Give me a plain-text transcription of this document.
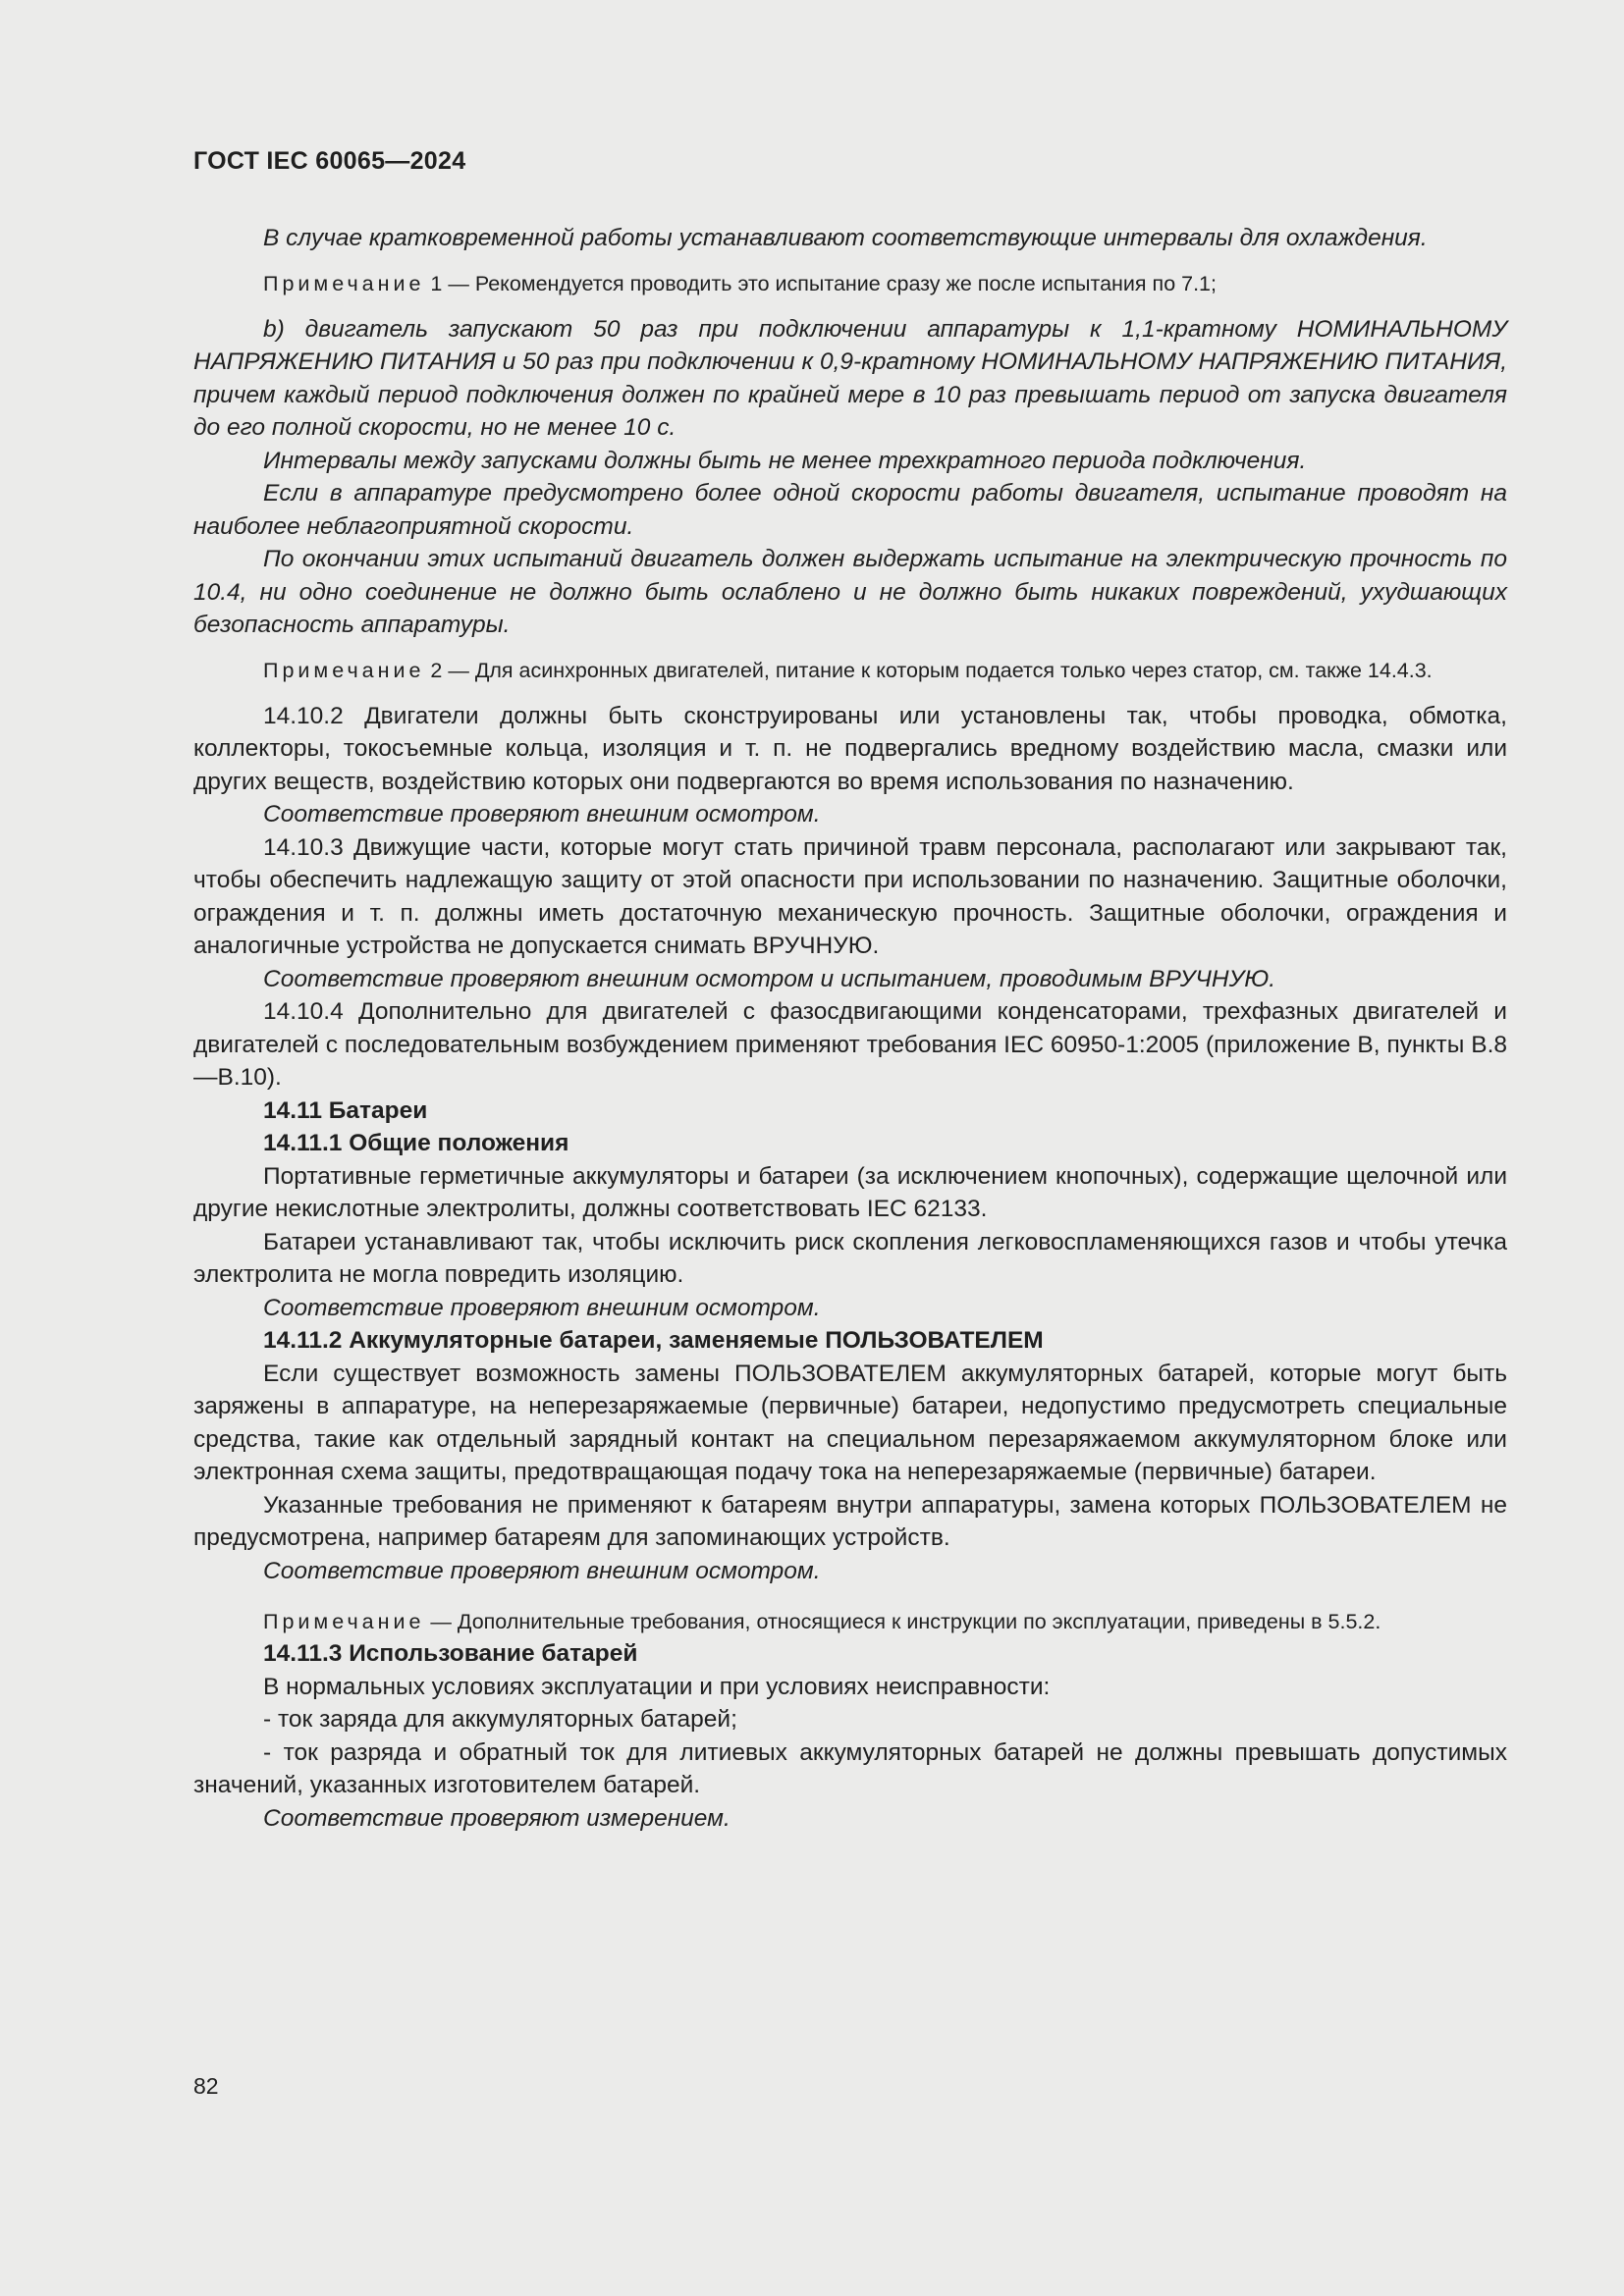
ГОСТ IEC 60065—2024

В случае кратковременной работы устанавливают соответствующие интервалы для охлаждения.

Примечание 1 — Рекомендуется проводить это испытание сразу же после испытания по 7.1;

b) двигатель запускают 50 раз при подключении аппаратуры к 1,1-кратному НОМИНАЛЬНОМУ НАПРЯЖЕНИЮ ПИТАНИЯ и 50 раз при подключении к 0,9-кратному НОМИНАЛЬНОМУ НАПРЯЖЕНИЮ ПИТАНИЯ, причем каждый период подключения должен по крайней мере в 10 раз превышать период от запуска двигателя до его полной скорости, но не менее 10 с.

Интервалы между запусками должны быть не менее трехкратного периода подключения.

Если в аппаратуре предусмотрено более одной скорости работы двигателя, испытание проводят на наиболее неблагоприятной скорости.

По окончании этих испытаний двигатель должен выдержать испытание на электрическую прочность по 10.4, ни одно соединение не должно быть ослаблено и не должно быть никаких повреждений, ухудшающих безопасность аппаратуры.

Примечание 2 — Для асинхронных двигателей, питание к которым подается только через статор, см. также 14.4.3.

14.10.2 Двигатели должны быть сконструированы или установлены так, чтобы проводка, обмотка, коллекторы, токосъемные кольца, изоляция и т. п. не подвергались вредному воздействию масла, смазки или других веществ, воздействию которых они подвергаются во время использования по назначению.

Соответствие проверяют внешним осмотром.

14.10.3 Движущие части, которые могут стать причиной травм персонала, располагают или закрывают так, чтобы обеспечить надлежащую защиту от этой опасности при использовании по назначению. Защитные оболочки, ограждения и т. п. должны иметь достаточную механическую прочность. Защитные оболочки, ограждения и аналогичные устройства не допускается снимать ВРУЧНУЮ.

Соответствие проверяют внешним осмотром и испытанием, проводимым ВРУЧНУЮ.

14.10.4 Дополнительно для двигателей с фазосдвигающими конденсаторами, трехфазных двигателей и двигателей с последовательным возбуждением применяют требования IEC 60950-1:2005 (приложение В, пункты В.8—В.10).

14.11 Батареи

14.11.1 Общие положения

Портативные герметичные аккумуляторы и батареи (за исключением кнопочных), содержащие щелочной или другие некислотные электролиты, должны соответствовать IEC 62133.

Батареи устанавливают так, чтобы исключить риск скопления легковоспламеняющихся газов и чтобы утечка электролита не могла повредить изоляцию.

Соответствие проверяют внешним осмотром.

14.11.2 Аккумуляторные батареи, заменяемые ПОЛЬЗОВАТЕЛЕМ

Если существует возможность замены ПОЛЬЗОВАТЕЛЕМ аккумуляторных батарей, которые могут быть заряжены в аппаратуре, на неперезаряжаемые (первичные) батареи, недопустимо предусмотреть специальные средства, такие как отдельный зарядный контакт на специальном перезаряжаемом аккумуляторном блоке или электронная схема защиты, предотвращающая подачу тока на неперезаряжаемые (первичные) батареи.

Указанные требования не применяют к батареям внутри аппаратуры, замена которых ПОЛЬЗОВАТЕЛЕМ не предусмотрена, например батареям для запоминающих устройств.

Соответствие проверяют внешним осмотром.

Примечание — Дополнительные требования, относящиеся к инструкции по эксплуатации, приведены в 5.5.2.

14.11.3 Использование батарей

В нормальных условиях эксплуатации и при условиях неисправности:

- ток заряда для аккумуляторных батарей;

- ток разряда и обратный ток для литиевых аккумуляторных батарей не должны превышать допустимых значений, указанных изготовителем батарей.

Соответствие проверяют измерением.

82
